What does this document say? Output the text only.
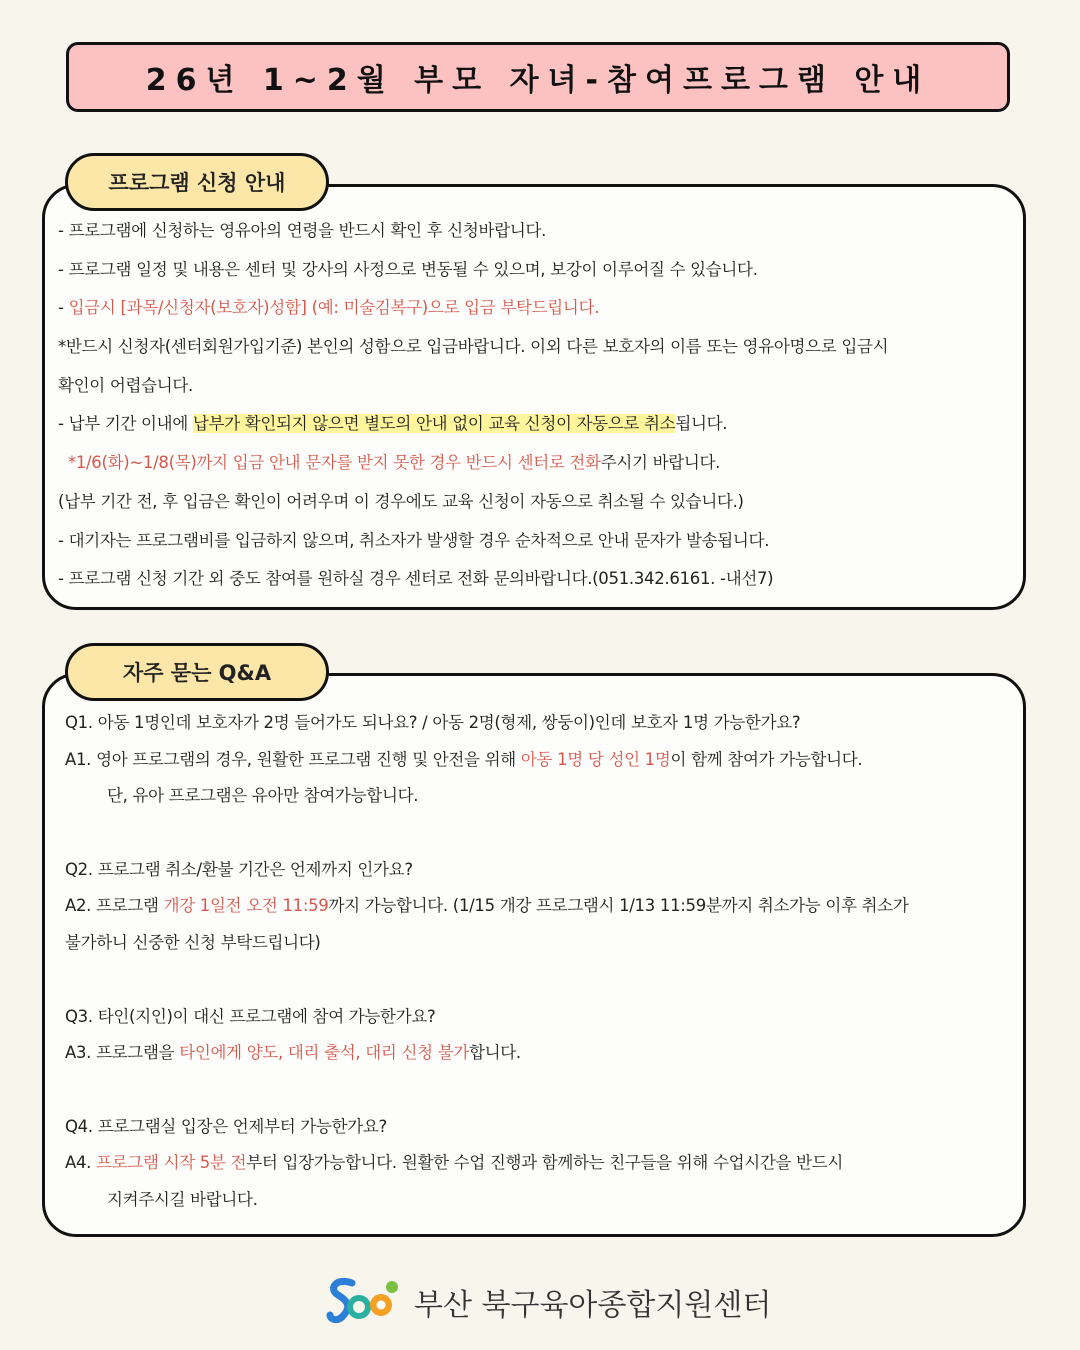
26년 1~2월 부모 자녀-참여프로그램 안내
프로그램 신청 안내
- 프로그램에 신청하는 영유아의 연령을 반드시 확인 후 신청바랍니다.
- 프로그램 일정 및 내용은 센터 및 강사의 사정으로 변동될 수 있으며, 보강이 이루어질 수 있습니다.
- 입금시 [과목/신청자(보호자)성함] (예: 미술김복구)으로 입금 부탁드립니다.
*반드시 신청자(센터회원가입기준) 본인의 성함으로 입금바랍니다. 이외 다른 보호자의 이름 또는 영유아명으로 입금시
확인이 어렵습니다.
- 납부 기간 이내에 납부가 확인되지 않으면 별도의 안내 없이 교육 신청이 자동으로 취소됩니다.
*1/6(화)~1/8(목)까지 입금 안내 문자를 받지 못한 경우 반드시 센터로 전화주시기 바랍니다.
(납부 기간 전, 후 입금은 확인이 어려우며 이 경우에도 교육 신청이 자동으로 취소될 수 있습니다.)
- 대기자는 프로그램비를 입금하지 않으며, 취소자가 발생할 경우 순차적으로 안내 문자가 발송됩니다.
- 프로그램 신청 기간 외 중도 참여를 원하실 경우 센터로 전화 문의바랍니다.(051.342.6161. -내선7)
자주 묻는 Q&A
Q1. 아동 1명인데 보호자가 2명 들어가도 되나요? / 아동 2명(형제, 쌍둥이)인데 보호자 1명 가능한가요?
A1. 영아 프로그램의 경우, 원활한 프로그램 진행 및 안전을 위해 아동 1명 당 성인 1명이 함께 참여가 가능합니다.
단, 유아 프로그램은 유아만 참여가능합니다.
Q2. 프로그램 취소/환불 기간은 언제까지 인가요?
A2. 프로그램 개강 1일전 오전 11:59까지 가능합니다. (1/15 개강 프로그램시 1/13 11:59분까지 취소가능 이후 취소가
불가하니 신중한 신청 부탁드립니다)
Q3. 타인(지인)이 대신 프로그램에 참여 가능한가요?
A3. 프로그램을 타인에게 양도, 대리 출석, 대리 신청 불가합니다.
Q4. 프로그램실 입장은 언제부터 가능한가요?
A4. 프로그램 시작 5분 전부터 입장가능합니다. 원활한 수업 진행과 함께하는 친구들을 위해 수업시간을 반드시
지켜주시길 바랍니다.
부산 북구육아종합지원센터
